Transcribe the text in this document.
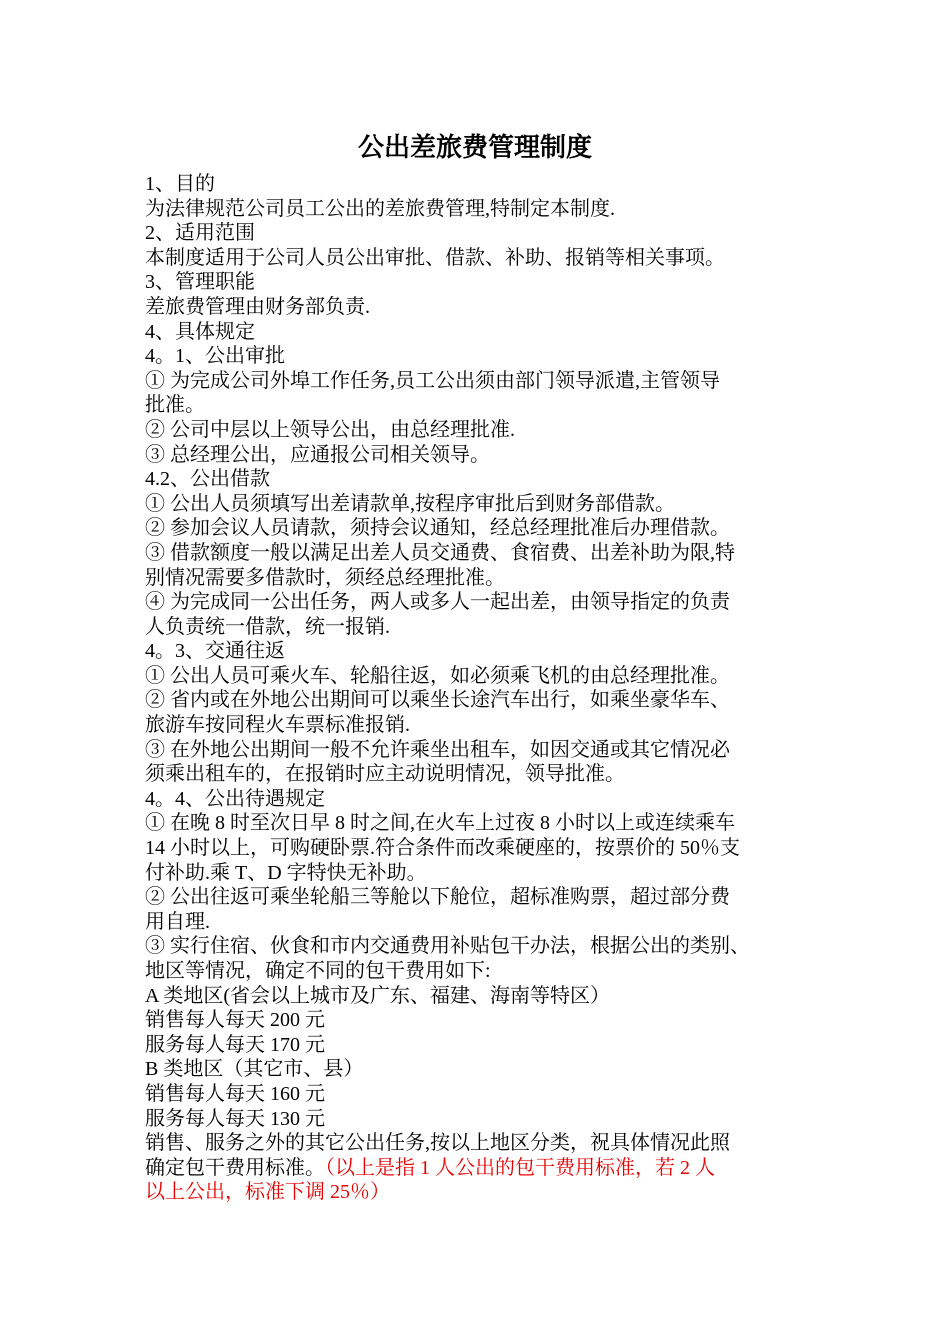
公出差旅费管理制度

1、目的

为法律规范公司员工公出的差旅费管理,特制定本制度.

2、适用范围

本制度适用于公司人员公出审批、借款、补助、报销等相关事项。

3、管理职能

差旅费管理由财务部负责.

4、具体规定

4。1、公出审批

① 为完成公司外埠工作任务,员工公出须由部门领导派遣,主管领导

批准。

② 公司中层以上领导公出，由总经理批准.

③ 总经理公出，应通报公司相关领导。

4.2、公出借款

① 公出人员须填写出差请款单,按程序审批后到财务部借款。

② 参加会议人员请款，须持会议通知，经总经理批准后办理借款。

③ 借款额度一般以满足出差人员交通费、食宿费、出差补助为限,特

别情况需要多借款时，须经总经理批准。

④ 为完成同一公出任务，两人或多人一起出差，由领导指定的负责

人负责统一借款，统一报销.

4。3、交通往返

① 公出人员可乘火车、轮船往返，如必须乘飞机的由总经理批准。

② 省内或在外地公出期间可以乘坐长途汽车出行，如乘坐豪华车、

旅游车按同程火车票标准报销.

③ 在外地公出期间一般不允许乘坐出租车，如因交通或其它情况必

须乘出租车的，在报销时应主动说明情况，领导批准。

4。4、公出待遇规定

① 在晚 8 时至次日早 8 时之间,在火车上过夜 8 小时以上或连续乘车

14 小时以上，可购硬卧票.符合条件而改乘硬座的，按票价的 50％支

付补助.乘 T、D 字特快无补助。

② 公出往返可乘坐轮船三等舱以下舱位，超标准购票，超过部分费

用自理.

③ 实行住宿、伙食和市内交通费用补贴包干办法，根据公出的类别、

地区等情况，确定不同的包干费用如下:

A 类地区(省会以上城市及广东、福建、海南等特区）

销售每人每天 200 元

服务每人每天 170 元

B 类地区（其它市、县）

销售每人每天 160 元

服务每人每天 130 元

销售、服务之外的其它公出任务,按以上地区分类，祝具体情况此照

确定包干费用标准。（以上是指 1 人公出的包干费用标准，若 2 人

以上公出，标准下调 25％）
